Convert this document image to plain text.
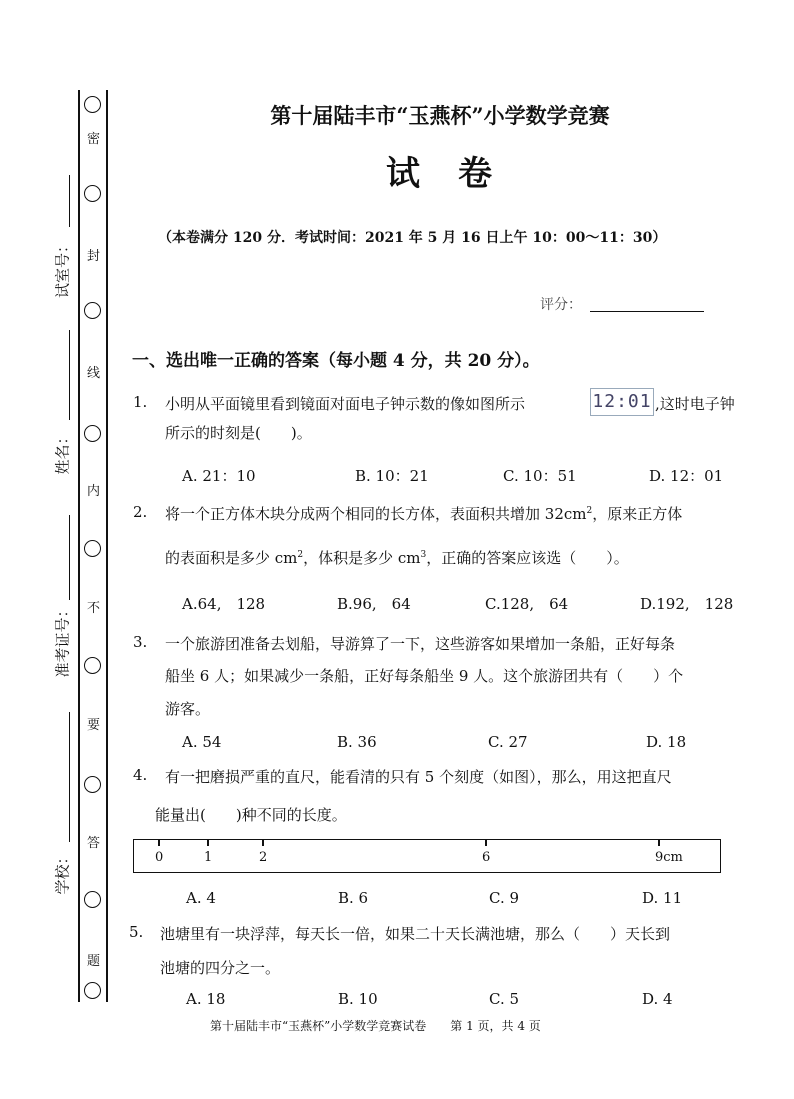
密
封
线
内
不
要
答
题
试室号：
姓名：
准考证号：
学校：
第十届陆丰市“玉燕杯”小学数学竞赛
试　卷
（本卷满分 120 分．考试时间：2021 年 5 月 16 日上午 10：00～11：30）
评分：
一、选出唯一正确的答案（每小题 4 分，共 20 分）。
1. 小明从平面镜里看到镜面对面电子钟示数的像如图所示	12:01 ,这时电子钟
所示的时刻是(　　)。
A. 21：10	B. 10：21	C. 10：51	D. 12：01
2. 将一个正方体木块分成两个相同的长方体，表面积共增加 $32cm^2$，原来正方体
的表面积是多少 $cm^2$，体积是多少 $cm^3$，正确的答案应该选（　　）。
A.64,　128	B.96,　64	C.128,　64	D.192,　128
3. 一个旅游团准备去划船，导游算了一下，这些游客如果增加一条船，正好每条
船坐 6 人；如果减少一条船，正好每条船坐 9 人。这个旅游团共有（　　）个
游客。
A. 54	B. 36	C. 27	D. 18
4. 有一把磨损严重的直尺，能看清的只有 5 个刻度（如图），那么，用这把直尺
能量出(　　)种不同的长度。
0	1	2	6	9cm
A. 4	B. 6	C. 9	D. 11
5. 池塘里有一块浮萍，每天长一倍，如果二十天长满池塘，那么（　　）天长到
池塘的四分之一。
A. 18	B. 10	C. 5	D. 4
第十届陆丰市“玉燕杯”小学数学竞赛试卷　　第 1 页，共 4 页
